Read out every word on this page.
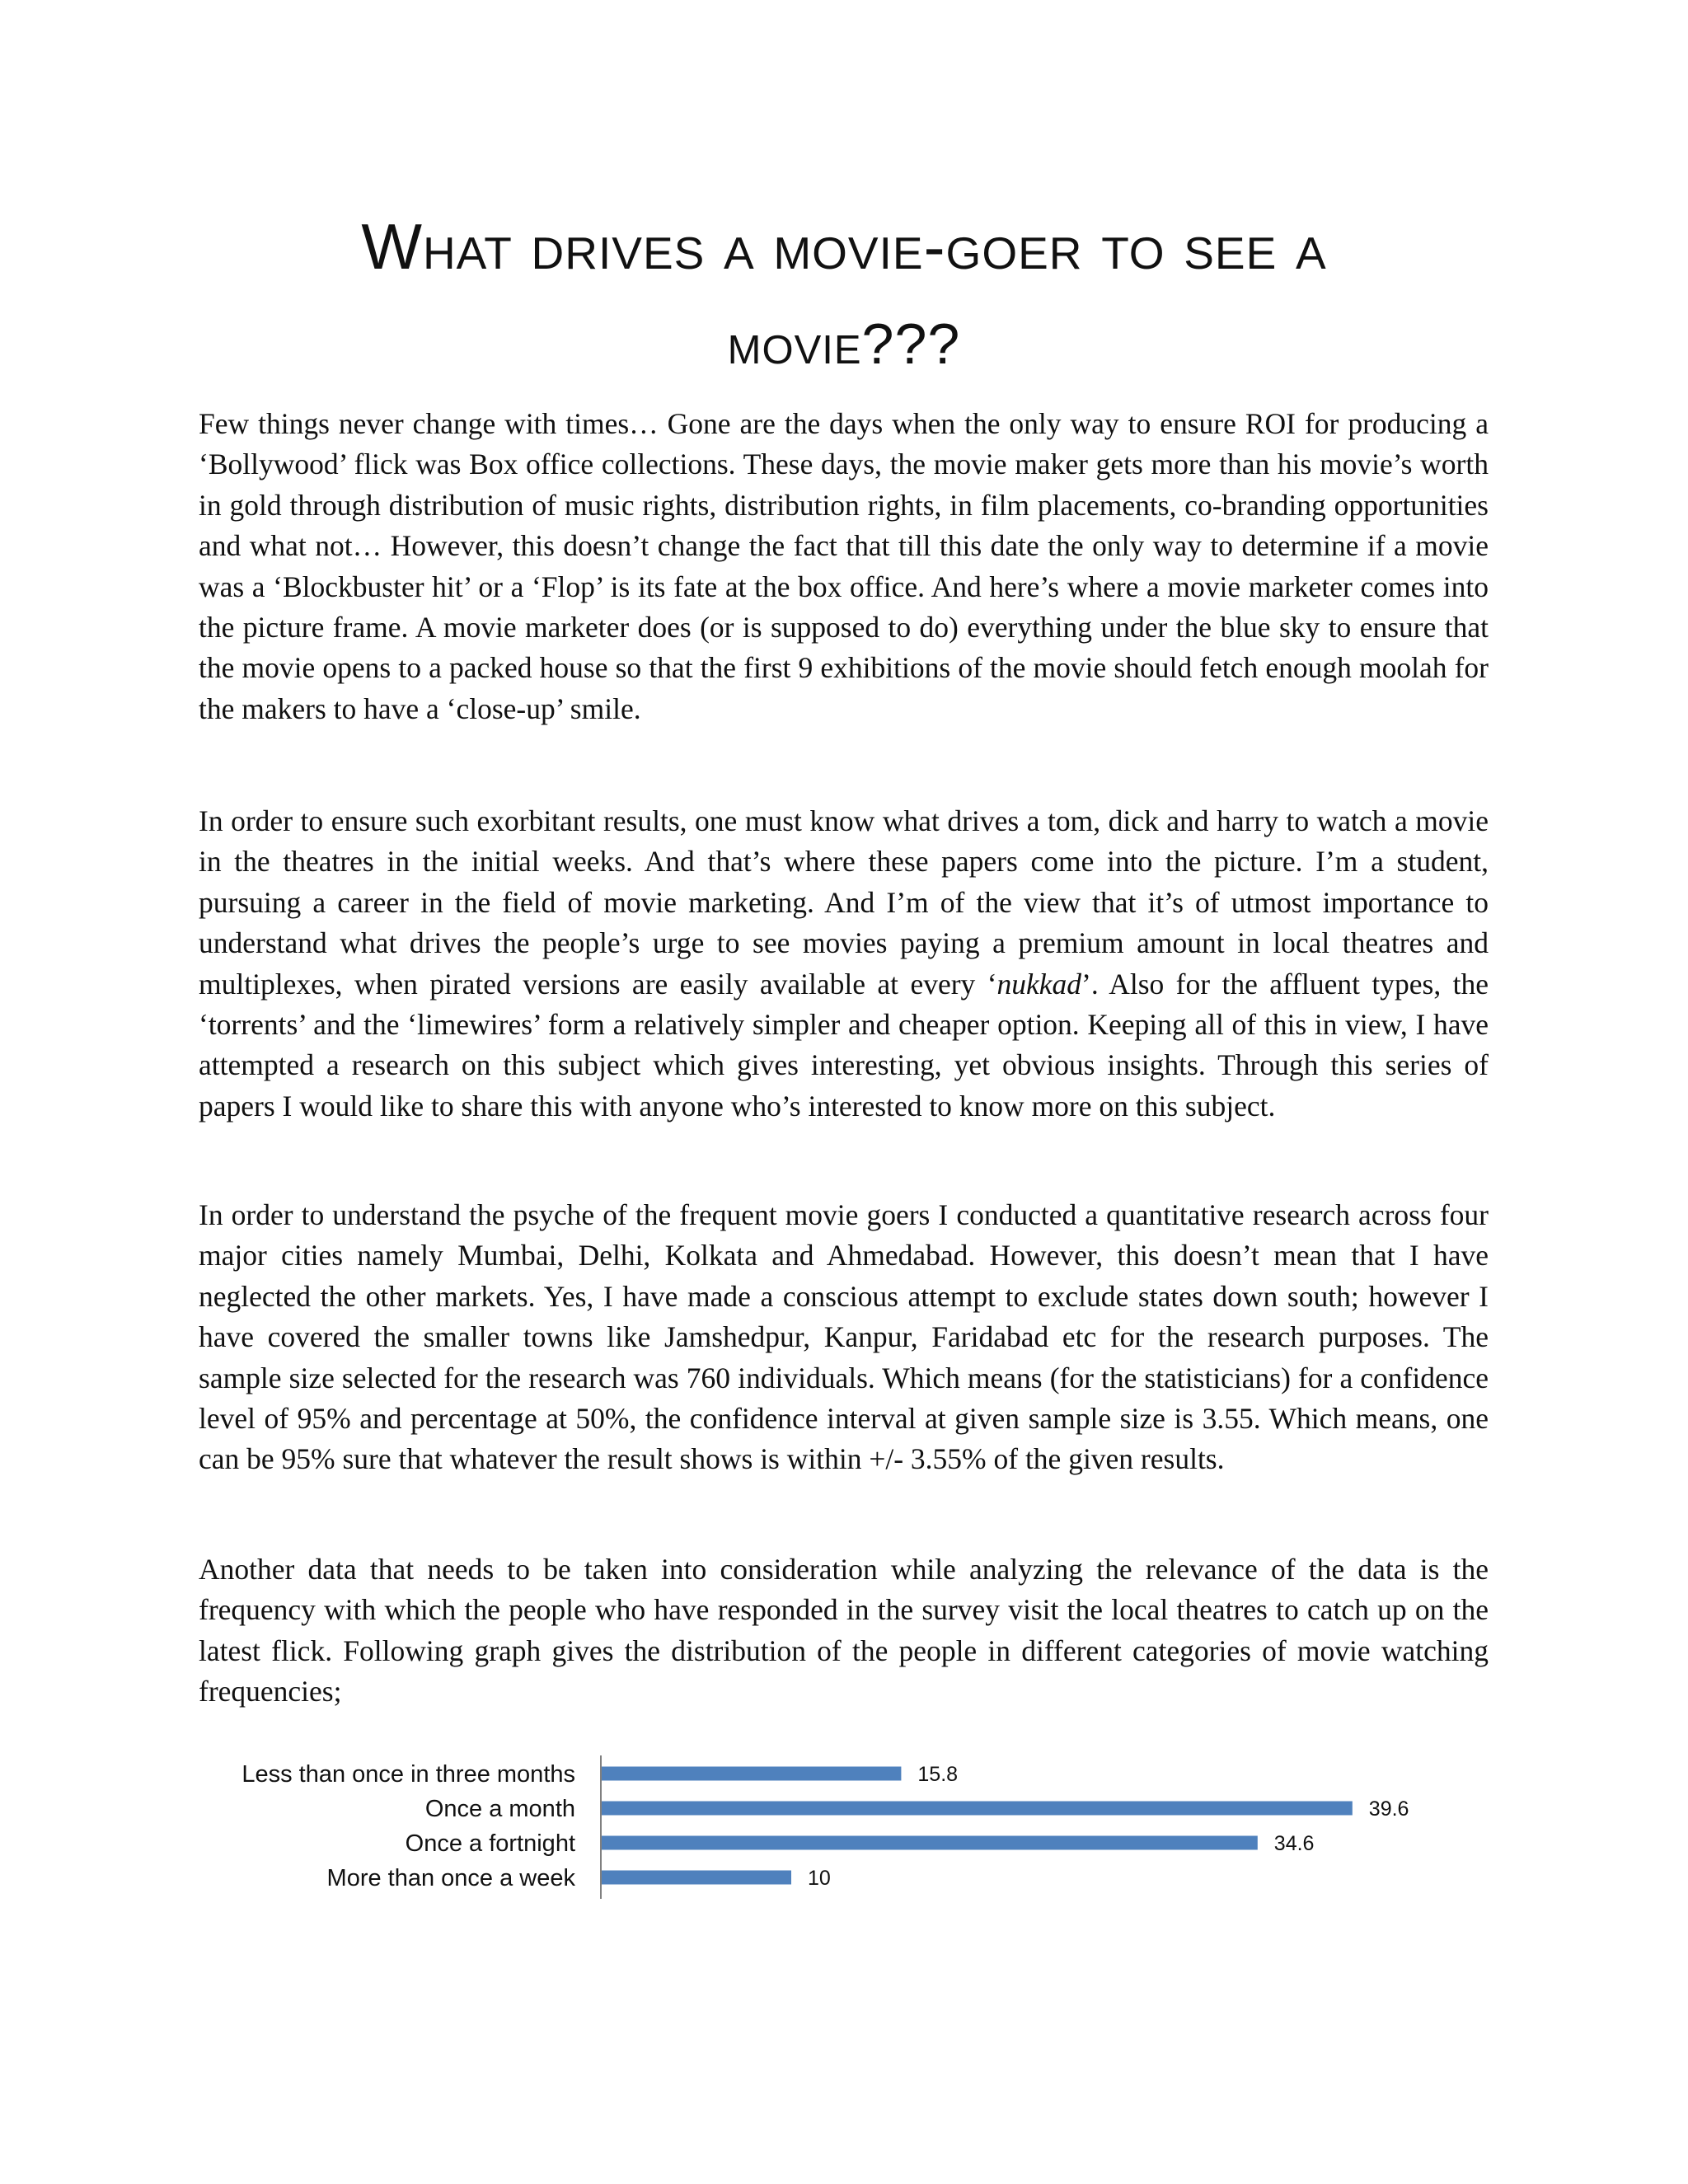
What drives a movie-goer to see a
movie???

Few things never change with times… Gone are the days when the only way to ensure ROI for producing a ‘Bollywood’ flick was Box office collections. These days, the movie maker gets more than his movie’s worth in gold through distribution of music rights, distribution rights, in film placements, co-branding opportunities and what not… However, this doesn’t change the fact that till this date the only way to determine if a movie was a ‘Blockbuster hit’ or a ‘Flop’ is its fate at the box office. And here’s where a movie marketer comes into the picture frame. A movie marketer does (or is supposed to do) everything under the blue sky to ensure that the movie opens to a packed house so that the first 9 exhibitions of the movie should fetch enough moolah for the makers to have a ‘close-up’ smile.

In order to ensure such exorbitant results, one must know what drives a tom, dick and harry to watch a movie in the theatres in the initial weeks. And that’s where these papers come into the picture. I’m a student, pursuing a career in the field of movie marketing. And I’m of the view that it’s of utmost importance to understand what drives the people’s urge to see movies paying a premium amount in local theatres and multiplexes, when pirated versions are easily available at every ‘nukkad’. Also for the affluent types, the ‘torrents’ and the ‘limewires’ form a relatively simpler and cheaper option. Keeping all of this in view, I have attempted a research on this subject which gives interesting, yet obvious insights. Through this series of papers I would like to share this with anyone who’s interested to know more on this subject.

In order to understand the psyche of the frequent movie goers I conducted a quantitative research across four major cities namely Mumbai, Delhi, Kolkata and Ahmedabad. However, this doesn’t mean that I have neglected the other markets. Yes, I have made a conscious attempt to exclude states down south; however I have covered the smaller towns like Jamshedpur, Kanpur, Faridabad etc for the research purposes. The sample size selected for the research was 760 individuals. Which means (for the statisticians) for a confidence level of 95% and percentage at 50%, the confidence interval at given sample size is 3.55. Which means, one can be 95% sure that whatever the result shows is within +/- 3.55% of the given results.

Another data that needs to be taken into consideration while analyzing the relevance of the data is the frequency with which the people who have responded in the survey visit the local theatres to catch up on the latest flick. Following graph gives the distribution of the people in different categories of movie watching frequencies;

Less than once in three months	15.8
Once a month	39.6
Once a fortnight	34.6
More than once a week	10
